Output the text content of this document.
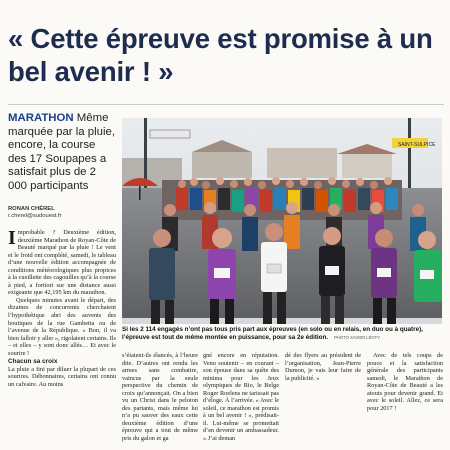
« Cette épreuve est promise à un bel avenir ! »

MARATHON Même marquée par la pluie, encore, la course des 17 Soupapes a satisfait plus de 2 000 participants

RONAN CHÉREL
r.cherel@sudouest.fr

Improbable ? Deuxième édition, deuxième Marathon de Royan-Côte de Beauté marqué par la pluie ! Le vent et le froid ont complété, samedi, le tableau d’une nouvelle édition accompagnée de conditions météorologiques plus propices à la cueillette des cagouilles qu’à la course à pied, a fortiori sur une distance aussi exigeante que 42,195 km du marathon.

Quelques minutes avant le départ, des dizaines de concurrents cherchaient l’hypothétique abri des auvents des boutiques de la rue Gambetta ou de l’avenue de la République. « Bon, il va bien falloir y aller », rigolaient certains. Ils – et elles – y sont donc allés… Et avec le sourire !

Chacun sa croix

La pluie a fini par diluer la plupart de ces sourires. Débonnaires, certains ont connu un calvaire. Au moins

SAINT-SULPICE
Si les 2 114 engagés n’ont pas tous pris part aux épreuves (en solo ou en relais, en duo ou à quatre), l’épreuve est tout de même montée en puissance, pour sa 2e édition. PHOTO XAVIER LÉOTY

s’étaient-ils élancés, à l’heure dite. D’autres ont rendu les armes sans combattre, vaincus par la seule perspective du chemin de croix qu’annonçait. On a bien vu un Christ dans le peloton des partants, mais même lui n’a pu sauver des eaux cette deuxième édition d’une épreuve qui a tout de même pris du galon et ga

gné encore en réputation. Venu soutenir – en courant – son épouse dans sa quête des minima pour les Jeux olympiques de Rio, le Belge Roger Roelens ne tarissait pas d’éloge. À l’arrivée. « Avec le soleil, ce marathon est promis à un bel avenir ! », prédisait-il. Lui-même se promettait d’en devenir un ambassadeur. « J’ai deman

dé des flyers au président de l’organisation, Jean-Pierre Dumon, je vais leur faire de la publicité. »

Avec de tels coups de pouce et la satisfaction générale des participants samedi, le Marathon de Royan-Côte de Beauté a les atouts pour devenir grand. Et avec le soleil. Allez, ce sera pour 2017 !
